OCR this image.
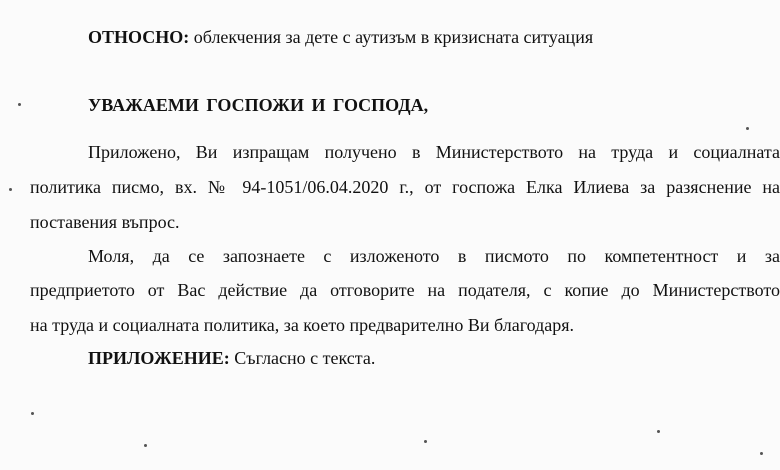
ОТНОСНО: облекчения за дете с аутизъм в кризисната ситуация
УВАЖАЕМИ ГОСПОЖИ И ГОСПОДА,
Приложено, Ви изпращам получено в Министерството на труда и социалната
политика писмо, вх. № 94-1051/06.04.2020 г., от госпожа Елка Илиева за разяснение на
поставения въпрос.
Моля, да се запознаете с изложеното в писмото по компетентност и за
предприетото от Вас действие да отговорите на подателя, с копие до Министерството
на труда и социалната политика, за което предварително Ви благодаря.
ПРИЛОЖЕНИЕ: Съгласно с текста.
